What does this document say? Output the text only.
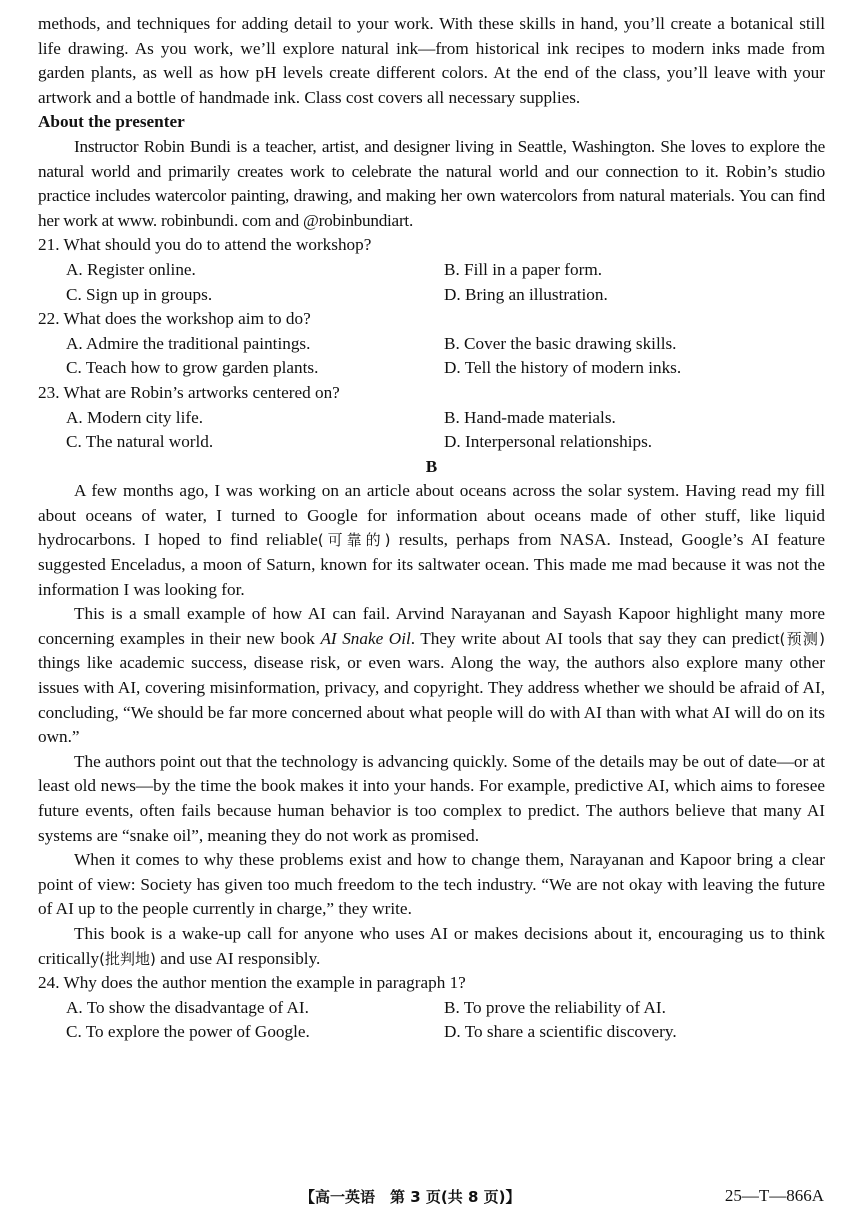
methods, and techniques for adding detail to your work. With these skills in hand, you’ll create a botanical still life drawing. As you work, we’ll explore natural ink—from historical ink recipes to modern inks made from garden plants, as well as how pH levels create different colors. At the end of the class, you’ll leave with your artwork and a bottle of handmade ink. Class cost covers all necessary supplies.

About the presenter

Instructor Robin Bundi is a teacher, artist, and designer living in Seattle, Washington. She loves to explore the natural world and primarily creates work to celebrate the natural world and our connection to it. Robin’s studio practice includes watercolor painting, drawing, and making her own watercolors from natural materials. You can find her work at www. robinbundi. com and @robinbundiart.

21. What should you do to attend the workshop?

A. Register online.	B. Fill in a paper form.
C. Sign up in groups.	D. Bring an illustration.

22. What does the workshop aim to do?

A. Admire the traditional paintings.	B. Cover the basic drawing skills.
C. Teach how to grow garden plants.	D. Tell the history of modern inks.

23. What are Robin’s artworks centered on?

A. Modern city life.	B. Hand-made materials.
C. The natural world.	D. Interpersonal relationships.

B

A few months ago, I was working on an article about oceans across the solar system. Having read my fill about oceans of water, I turned to Google for information about oceans made of other stuff, like liquid hydrocarbons. I hoped to find reliable(可靠的) results, perhaps from NASA. Instead, Google’s AI feature suggested Enceladus, a moon of Saturn, known for its saltwater ocean. This made me mad because it was not the information I was looking for.

This is a small example of how AI can fail. Arvind Narayanan and Sayash Kapoor highlight many more concerning examples in their new book AI Snake Oil. They write about AI tools that say they can predict(预测) things like academic success, disease risk, or even wars. Along the way, the authors also explore many other issues with AI, covering misinformation, privacy, and copyright. They address whether we should be afraid of AI, concluding, “We should be far more concerned about what people will do with AI than with what AI will do on its own.”

The authors point out that the technology is advancing quickly. Some of the details may be out of date—or at least old news—by the time the book makes it into your hands. For example, predictive AI, which aims to foresee future events, often fails because human behavior is too complex to predict. The authors believe that many AI systems are “snake oil”, meaning they do not work as promised.

When it comes to why these problems exist and how to change them, Narayanan and Kapoor bring a clear point of view: Society has given too much freedom to the tech industry. “We are not okay with leaving the future of AI up to the people currently in charge,” they write.

This book is a wake-up call for anyone who uses AI or makes decisions about it, encouraging us to think critically(批判地) and use AI responsibly.

24. Why does the author mention the example in paragraph 1?

A. To show the disadvantage of AI.	B. To prove the reliability of AI.
C. To explore the power of Google.	D. To share a scientific discovery.
【高一英语　第 3 页(共 8 页)】	25—T—866A
